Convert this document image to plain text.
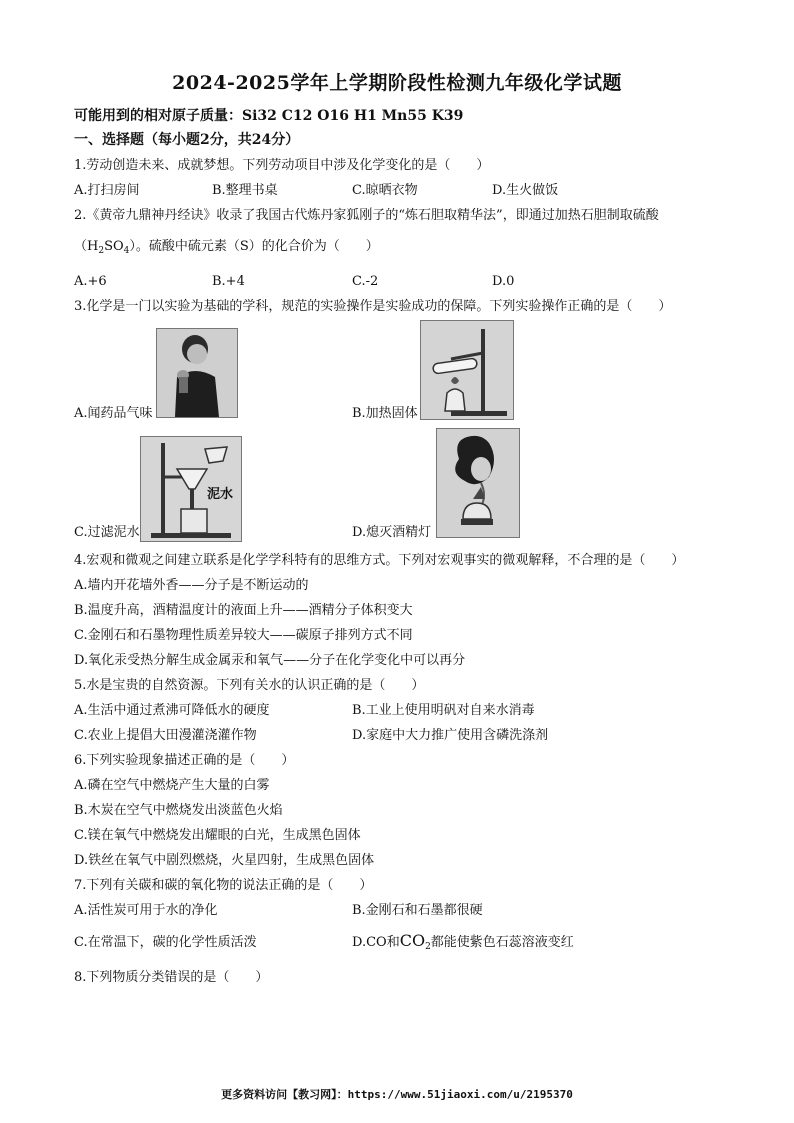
2024-2025学年上学期阶段性检测九年级化学试题
可能用到的相对原子质量：Si32 C12 O16 H1 Mn55 K39
一、选择题（每小题2分，共24分）
1.劳动创造未来、成就梦想。下列劳动项目中涉及化学变化的是（　　）
A.打扫房间	B.整理书桌	C.晾晒衣物	D.生火做饭
2.《黄帝九鼎神丹经诀》收录了我国古代炼丹家狐刚子的“炼石胆取精华法”，即通过加热石胆制取硫酸
$(H_2SO_4)$。硫酸中硫元素（S）的化合价为（　　）
A.+6	B.+4	C.-2	D.0
3.化学是一门以实验为基础的学科，规范的实验操作是实验成功的保障。下列实验操作正确的是（　　）
A.闻药品气味	B.加热固体
泥水
C.过滤泥水	D.熄灭酒精灯
4.宏观和微观之间建立联系是化学学科特有的思维方式。下列对宏观事实的微观解释，不合理的是（　　）
A.墙内开花墙外香——分子是不断运动的
B.温度升高，酒精温度计的液面上升——酒精分子体积变大
C.金刚石和石墨物理性质差异较大——碳原子排列方式不同
D.氧化汞受热分解生成金属汞和氧气——分子在化学变化中可以再分
5.水是宝贵的自然资源。下列有关水的认识正确的是（　　）
A.生活中通过煮沸可降低水的硬度	B.工业上使用明矾对自来水消毒
C.农业上提倡大田漫灌浇灌作物	D.家庭中大力推广使用含磷洗涤剂
6.下列实验现象描述正确的是（　　）
A.磷在空气中燃烧产生大量的白雾
B.木炭在空气中燃烧发出淡蓝色火焰
C.镁在氧气中燃烧发出耀眼的白光，生成黑色固体
D.铁丝在氧气中剧烈燃烧，火星四射，生成黑色固体
7.下列有关碳和碳的氧化物的说法正确的是（　　）
A.活性炭可用于水的净化	B.金刚石和石墨都很硬
C.在常温下，碳的化学性质活泼	D.CO和$CO_2$都能使紫色石蕊溶液变红
8.下列物质分类错误的是（　　）
更多资料访问【教习网】：https://www.51jiaoxi.com/u/2195370
